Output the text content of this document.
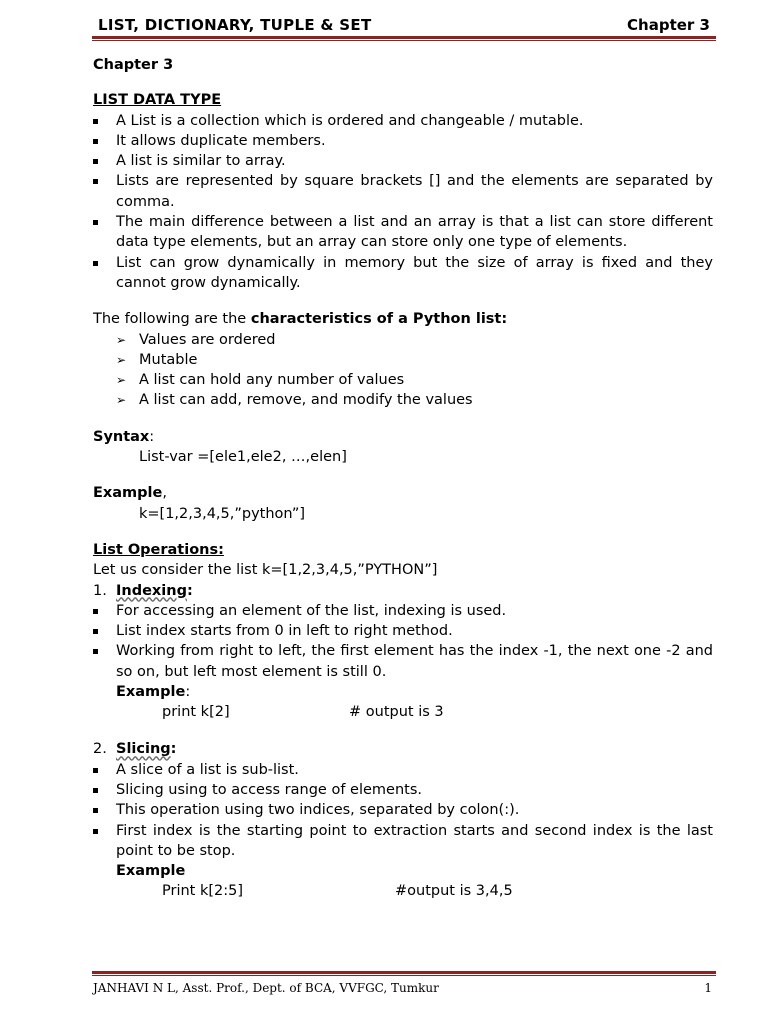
LIST, DICTIONARY, TUPLE & SET	Chapter 3

Chapter 3

LIST DATA TYPE

A List is a collection which is ordered and changeable / mutable.
It allows duplicate members.
A list is similar to array.
Lists are represented by square brackets [] and the elements are separated by comma.
The main difference between a list and an array is that a list can store different data type elements, but an array can store only one type of elements.
List can grow dynamically in memory but the size of array is fixed and they cannot grow dynamically.

The following are the characteristics of a Python list:

➢ Values are ordered
➢ Mutable
➢ A list can hold any number of values
➢ A list can add, remove, and modify the values

Syntax:

List-var =[ele1,ele2, …,elen]

Example,

k=[1,2,3,4,5,”python”]

List Operations:

Let us consider the list k=[1,2,3,4,5,”PYTHON”]

1. Indexing:
For accessing an element of the list, indexing is used.
List index starts from 0 in left to right method.
Working from right to left, the first element has the index -1, the next one -2 and so on, but left most element is still 0.

Example:

print k[2]	# output is 3
2. Slicing:
A slice of a list is sub-list.
Slicing using to access range of elements.
This operation using two indices, separated by colon(:).
First index is the starting point to extraction starts and second index is the last point to be stop.

Example

Print k[2:5]	#output is 3,4,5
JANHAVI N L, Asst. Prof., Dept. of BCA, VVFGC, Tumkur	1
